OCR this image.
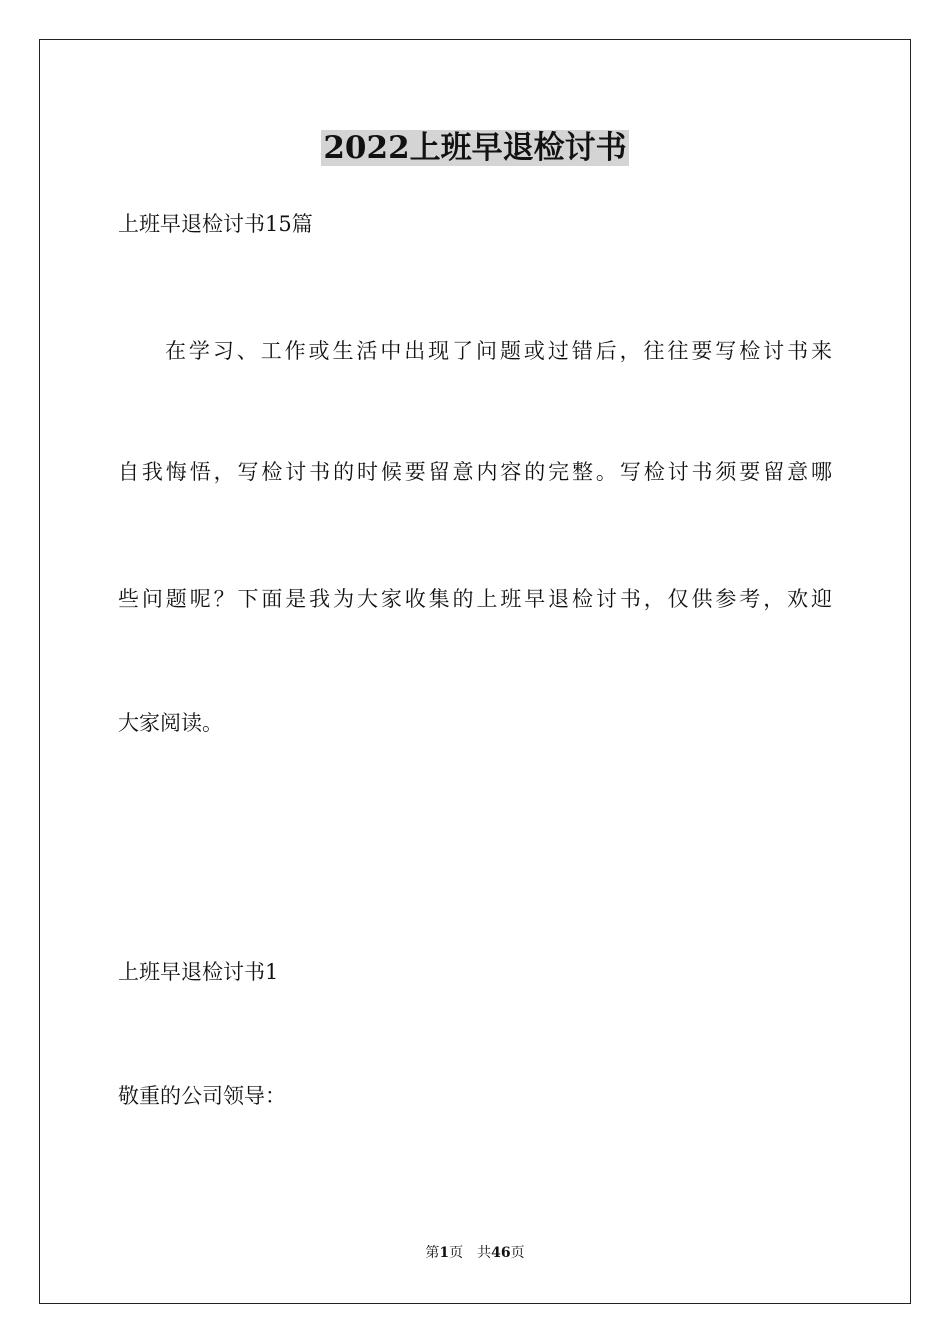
2022上班早退检讨书
上班早退检讨书15篇
在学习、工作或生活中出现了问题或过错后，往往要写检讨书来
自我悔悟，写检讨书的时候要留意内容的完整。写检讨书须要留意哪
些问题呢？下面是我为大家收集的上班早退检讨书，仅供参考，欢迎
大家阅读。
上班早退检讨书1
敬重的公司领导：
第1页 共46页
